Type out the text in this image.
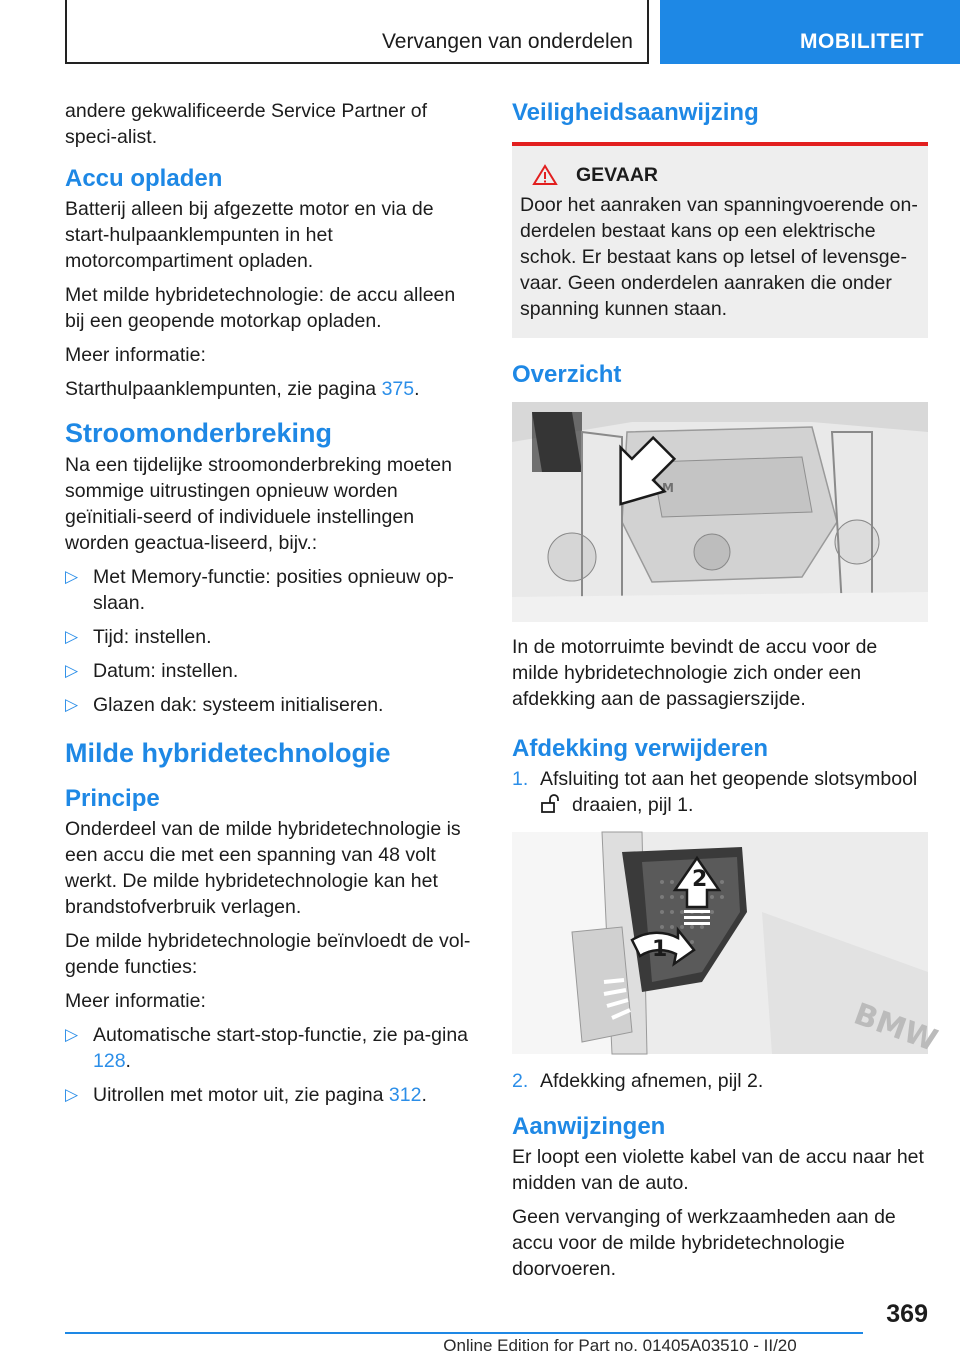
Vervangen van onderdelen	MOBILITEIT

andere gekwalificeerde Service Partner of speci-alist.

Accu opladen

Batterij alleen bij afgezette motor en via de start-hulpaanklempunten in het motorcompartiment opladen.

Met milde hybridetechnologie: de accu alleen bij een geopende motorkap opladen.

Meer informatie:

Starthulpaanklempunten, zie pagina 375.

Stroomonderbreking

Na een tijdelijke stroomonderbreking moeten sommige uitrustingen opnieuw worden geïnitiali-seerd of individuele instellingen worden geactua-liseerd, bijv.:

▷ Met Memory-functie: posities opnieuw op-slaan.
▷ Tijd: instellen.
▷ Datum: instellen.
▷ Glazen dak: systeem initialiseren.
Milde hybridetechnologie
Principe

Onderdeel van de milde hybridetechnologie is een accu die met een spanning van 48 volt werkt. De milde hybridetechnologie kan het brandstofverbruik verlagen.

De milde hybridetechnologie beïnvloedt de vol-gende functies:

Meer informatie:

▷ Automatische start-stop-functie, zie pa-gina 128.
▷ Uitrollen met motor uit, zie pagina 312.
Veiligheidsaanwijzing
GEVAAR

Door het aanraken van spanningvoerende on-derdelen bestaat kans op een elektrische schok. Er bestaat kans op letsel of levensge-vaar. Geen onderdelen aanraken die onder spanning kunnen staan.

Overzicht
M

In de motorruimte bevindt de accu voor de milde hybridetechnologie zich onder een afdekking aan de passagierszijde.

Afdekking verwijderen
1. Afsluiting tot aan het geopende slotsymbool
draaien, pijl 1.
BMW
2
1
2. Afdekking afnemen, pijl 2.
Aanwijzingen

Er loopt een violette kabel van de accu naar het midden van de auto.

Geen vervanging of werkzaamheden aan de accu voor de milde hybridetechnologie doorvoeren.

369
Online Edition for Part no. 01405A03510 - II/20
